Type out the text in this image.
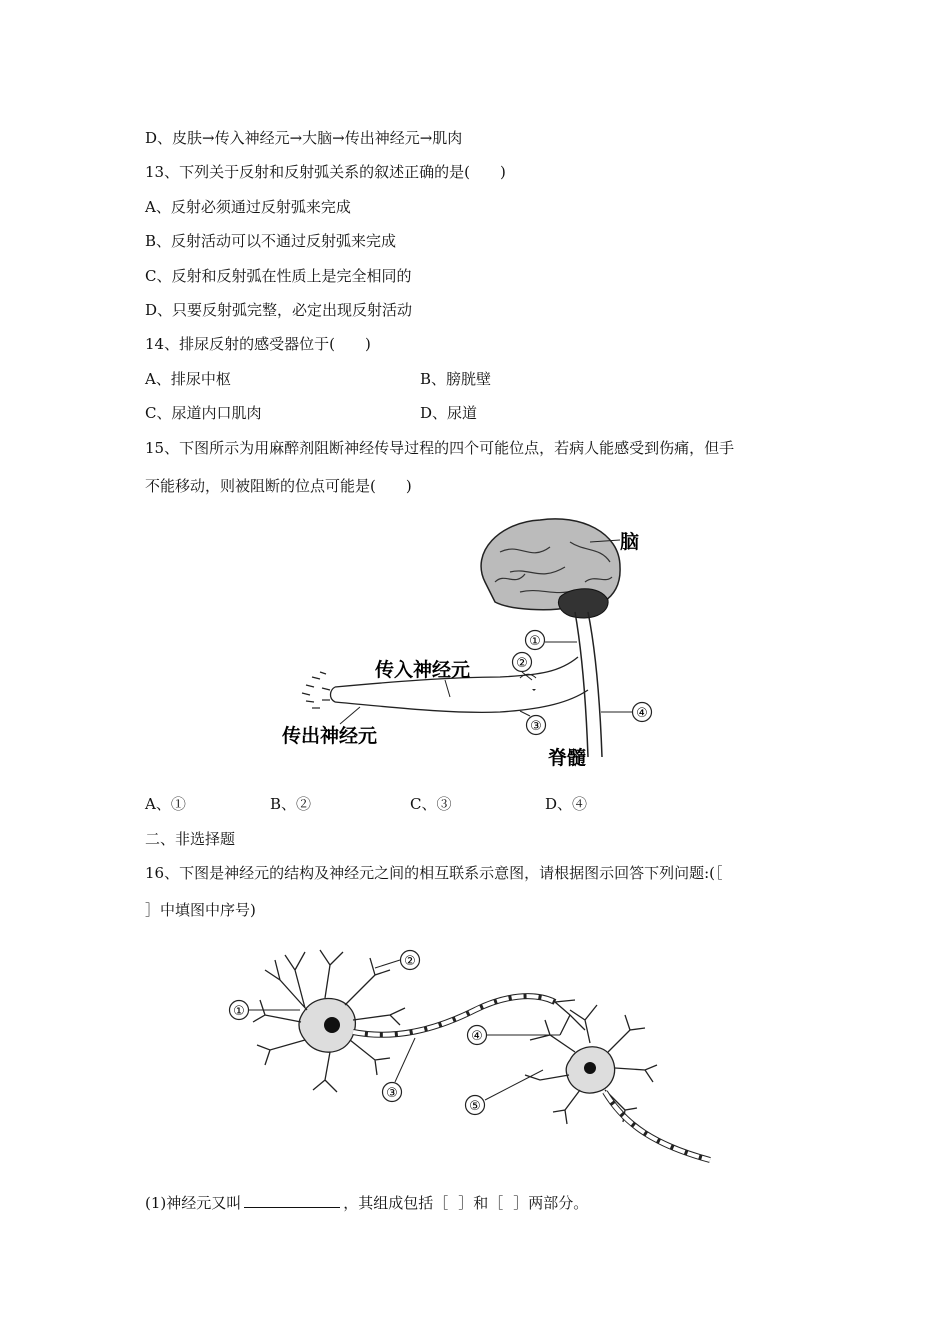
D、皮肤→传入神经元→大脑→传出神经元→肌肉
13、下列关于反射和反射弧关系的叙述正确的是(　　)
A、反射必须通过反射弧来完成
B、反射活动可以不通过反射弧来完成
C、反射和反射弧在性质上是完全相同的
D、只要反射弧完整，必定出现反射活动
14、排尿反射的感受器位于(　　)
A、排尿中枢	B、膀胱壁
C、尿道内口肌肉	D、尿道
15、下图所示为用麻醉剂阻断神经传导过程的四个可能位点，若病人能感受到伤痛，但手
不能移动，则被阻断的位点可能是(　　)
脑
①
②
③
④
传入神经元
传出神经元
脊髓
A、①	B、②	C、③	D、④
二、非选择题
16、下图是神经元的结构及神经元之间的相互联系示意图，请根据图示回答下列问题:(［
］中填图中序号)
①
②
③
④
⑤
(1)神经元又叫	，其组成包括［ ］和［ ］两部分。
